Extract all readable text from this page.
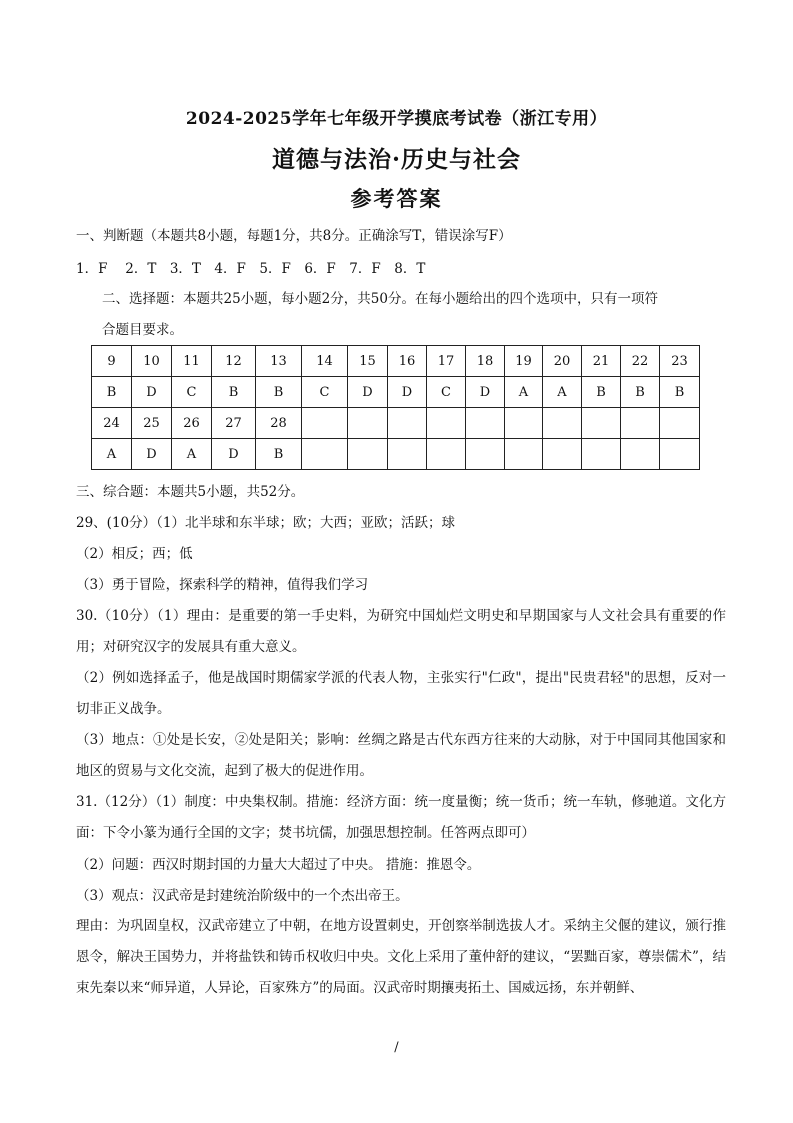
2024-2025学年七年级开学摸底考试卷（浙江专用）
道德与法治·历史与社会
参考答案
一、判断题（本题共8小题，每题1分，共8分。正确涂写T，错误涂写F）
1．F　 2．T　3．T　4．F　5．F　6．F　7．F　8．T
二、选择题：本题共25小题，每小题2分，共50分。在每小题给出的四个选项中，只有一项符
合题目要求。
9	10	11	12	13	14	15	16	17	18	19	20	21	22	23
B	D	C	B	B	C	D	D	C	D	A	A	B	B	B
24	25	26	27	28										
A	D	A	D	B										
三、综合题：本题共5小题，共52分。
29、(10分）（1）北半球和东半球；欧；大西；亚欧；活跃；球
（2）相反；西；低
（3）勇于冒险，探索科学的精神，值得我们学习
30.（10分）（1）理由：是重要的第一手史料，为研究中国灿烂文明史和早期国家与人文社会具有重要的作用；对研究汉字的发展具有重大意义。
（2）例如选择孟子，他是战国时期儒家学派的代表人物，主张实行"仁政"，提出"民贵君轻"的思想，反对一切非正义战争。
（3）地点：①处是长安，②处是阳关；影响：丝绸之路是古代东西方往来的大动脉，对于中国同其他国家和地区的贸易与文化交流，起到了极大的促进作用。
31.（12分）（1）制度：中央集权制。措施：经济方面：统一度量衡；统一货币；统一车轨，修驰道。文化方面：下令小篆为通行全国的文字；焚书坑儒，加强思想控制。任答两点即可）
（2）问题：西汉时期封国的力量大大超过了中央。 措施：推恩令。
（3）观点：汉武帝是封建统治阶级中的一个杰出帝王。
理由：为巩固皇权，汉武帝建立了中朝，在地方设置刺史，开创察举制选拔人才。采纳主父偃的建议，颁行推恩令，解决王国势力，并将盐铁和铸币权收归中央。文化上采用了董仲舒的建议，“罢黜百家，尊崇儒术”，结束先秦以来“师异道，人异论，百家殊方”的局面。汉武帝时期攘夷拓土、国威远扬，东并朝鲜、
/
